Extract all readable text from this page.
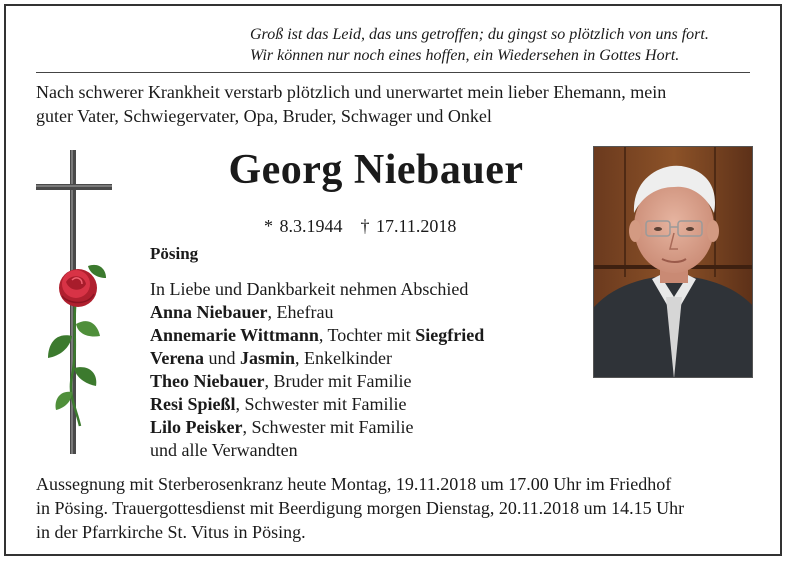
Groß ist das Leid, das uns getroffen; du gingst so plötzlich von uns fort.
Wir können nur noch eines hoffen, ein Wiedersehen in Gottes Hort.
Nach schwerer Krankheit verstarb plötzlich und unerwartet mein lieber Ehemann, mein
guter Vater, Schwiegervater, Opa, Bruder, Schwager und Onkel
Georg Niebauer
* 8.3.1944 † 17.11.2018
Pösing
In Liebe und Dankbarkeit nehmen Abschied
Anna Niebauer, Ehefrau
Annemarie Wittmann, Tochter mit Siegfried
Verena und Jasmin, Enkelkinder
Theo Niebauer, Bruder mit Familie
Resi Spießl, Schwester mit Familie
Lilo Peisker, Schwester mit Familie
und alle Verwandten
Aussegnung mit Sterberosenkranz heute Montag, 19.11.2018 um 17.00 Uhr im Friedhof
in Pösing. Trauergottesdienst mit Beerdigung morgen Dienstag, 20.11.2018 um 14.15 Uhr
in der Pfarrkirche St. Vitus in Pösing.
